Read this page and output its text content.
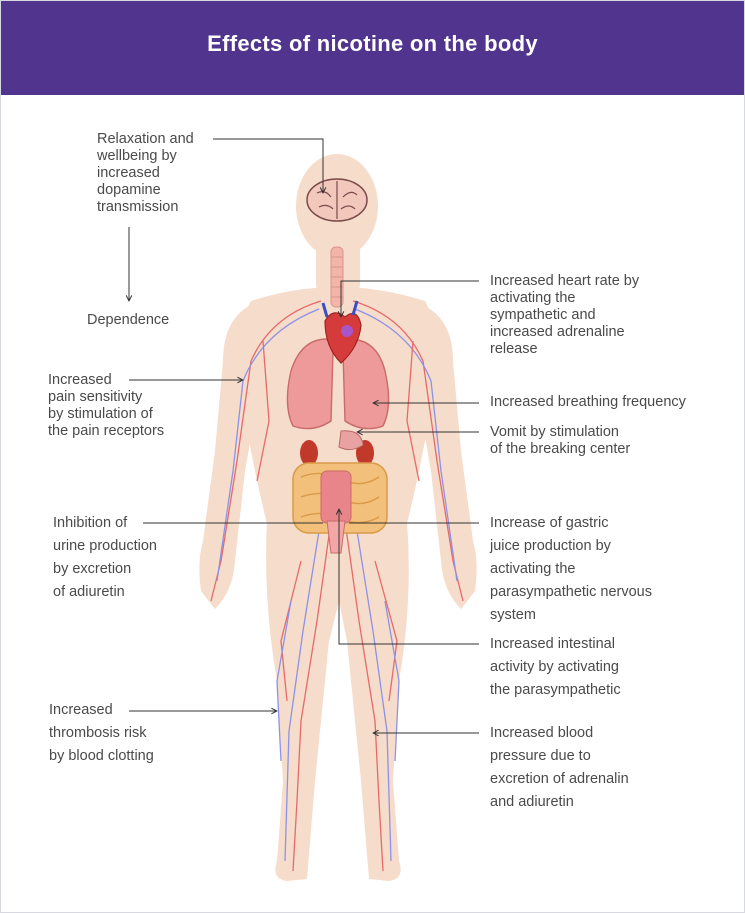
Effects of nicotine on the body
Relaxation and
wellbeing by
increased
dopamine
transmission
Dependence
Increased
pain sensitivity
by stimulation of
the pain receptors
Inhibition of
urine production
by excretion
of adiuretin
Increased
thrombosis risk
by blood clotting
Increased heart rate by
activating the
sympathetic and
increased adrenaline
release
Increased breathing frequency
Vomit by stimulation
of the breaking center
Increase of gastric
juice production by
activating the
parasympathetic nervous
system
Increased intestinal
activity by activating
the parasympathetic
Increased blood
pressure due to
excretion of adrenalin
and adiuretin
